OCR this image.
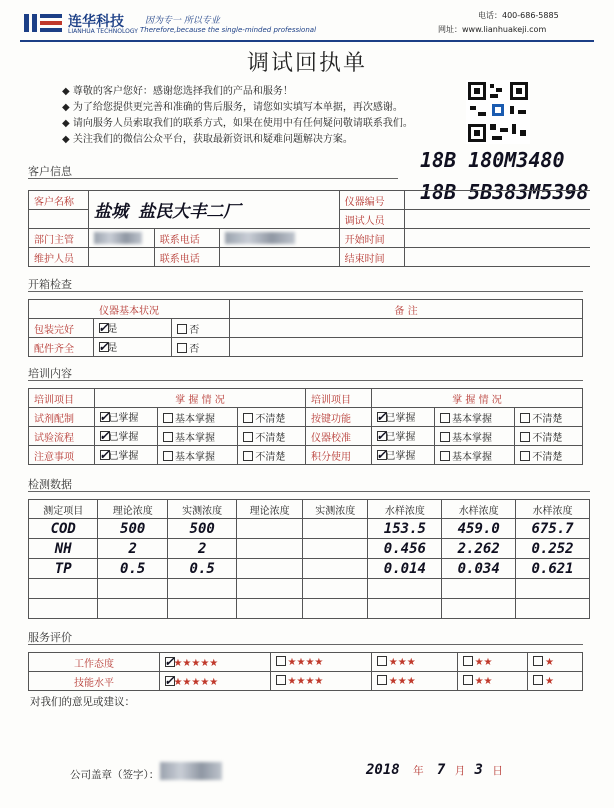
连华科技
LIANHUA TECHNOLOGY
因为专一 所以专业
Therefore,because the single-minded professional
电话：400-686-5885
网址：www.lianhuakeji.com
调试回执单
◆ 尊敬的客户您好：感谢您选择我们的产品和服务！
◆ 为了给您提供更完善和准确的售后服务，请您如实填写本单据，再次感谢。
◆ 请向服务人员索取我们的联系方式，如果在使用中有任何疑问敬请联系我们。
◆ 关注我们的微信公众平台，获取最新资讯和疑难问题解决方案。
客户信息	18B 180M3480
18B 5B383M5398
客户名称	盐城 盐民大丰二厂			仪器编号	
				调试人员	
部门主管		联系电话		开始时间	
维护人员		联系电话		结束时间	
开箱检查
仪器基本状况			备 注
包装完好	✓是	否	
配件齐全	✓是	否	
培训内容
培训项目	掌 握 情 况			培训项目	掌 握 情 况		
试剂配制	✓已掌握	基本掌握	不清楚	按键功能	✓已掌握	基本掌握	不清楚
试验流程	✓已掌握	基本掌握	不清楚	仪器校准	✓已掌握	基本掌握	不清楚
注意事项	✓已掌握	基本掌握	不清楚	积分使用	✓已掌握	基本掌握	不清楚
检测数据
测定项目	理论浓度	实测浓度	理论浓度	实测浓度	水样浓度	水样浓度	水样浓度
COD	500	500			153.5	459.0	675.7
NH	2	2			0.456	2.262	0.252
TP	0.5	0.5			0.014	0.034	0.621

服务评价
工作态度	✓★★★★★	★★★★	★★★	★★	★
技能水平	✓★★★★★	★★★★	★★★	★★	★
对我们的意见或建议：
公司盖章（签字）：	2018 年 7 月 3 日
